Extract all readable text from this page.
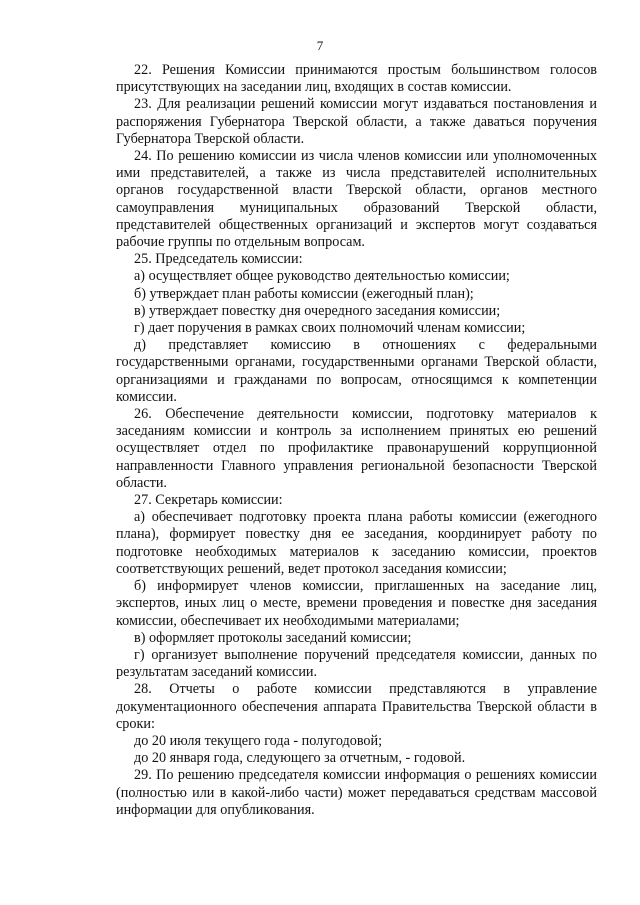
7

22. Решения Комиссии принимаются простым большинством голосов присутствующих на заседании лиц, входящих в состав комиссии.

23. Для реализации решений комиссии могут издаваться постановления и распоряжения Губернатора Тверской области, а также даваться поручения Губернатора Тверской области.

24. По решению комиссии из числа членов комиссии или уполномоченных ими представителей, а также из числа представителей исполнительных органов государственной власти Тверской области, органов местного самоуправления муниципальных образований Тверской области, представителей общественных организаций и экспертов могут создаваться рабочие группы по отдельным вопросам.

25. Председатель комиссии:

а) осуществляет общее руководство деятельностью комиссии;

б) утверждает план работы комиссии (ежегодный план);

в) утверждает повестку дня очередного заседания комиссии;

г) дает поручения в рамках своих полномочий членам комиссии;

д) представляет комиссию в отношениях с федеральными государственными органами, государственными органами Тверской области, организациями и гражданами по вопросам, относящимся к компетенции комиссии.

26. Обеспечение деятельности комиссии, подготовку материалов к заседаниям комиссии и контроль за исполнением принятых ею решений осуществляет отдел по профилактике правонарушений коррупционной направленности Главного управления региональной безопасности Тверской области.

27. Секретарь комиссии:

а) обеспечивает подготовку проекта плана работы комиссии (ежегодного плана), формирует повестку дня ее заседания, координирует работу по подготовке необходимых материалов к заседанию комиссии, проектов соответствующих решений, ведет протокол заседания комиссии;

б) информирует членов комиссии, приглашенных на заседание лиц, экспертов, иных лиц о месте, времени проведения и повестке дня заседания комиссии, обеспечивает их необходимыми материалами;

в) оформляет протоколы заседаний комиссии;

г) организует выполнение поручений председателя комиссии, данных по результатам заседаний комиссии.

28. Отчеты о работе комиссии представляются в управление документационного обеспечения аппарата Правительства Тверской области в сроки:

до 20 июля текущего года - полугодовой;

до 20 января года, следующего за отчетным, - годовой.

29. По решению председателя комиссии информация о решениях комиссии (полностью или в какой-либо части) может передаваться средствам массовой информации для опубликования.
